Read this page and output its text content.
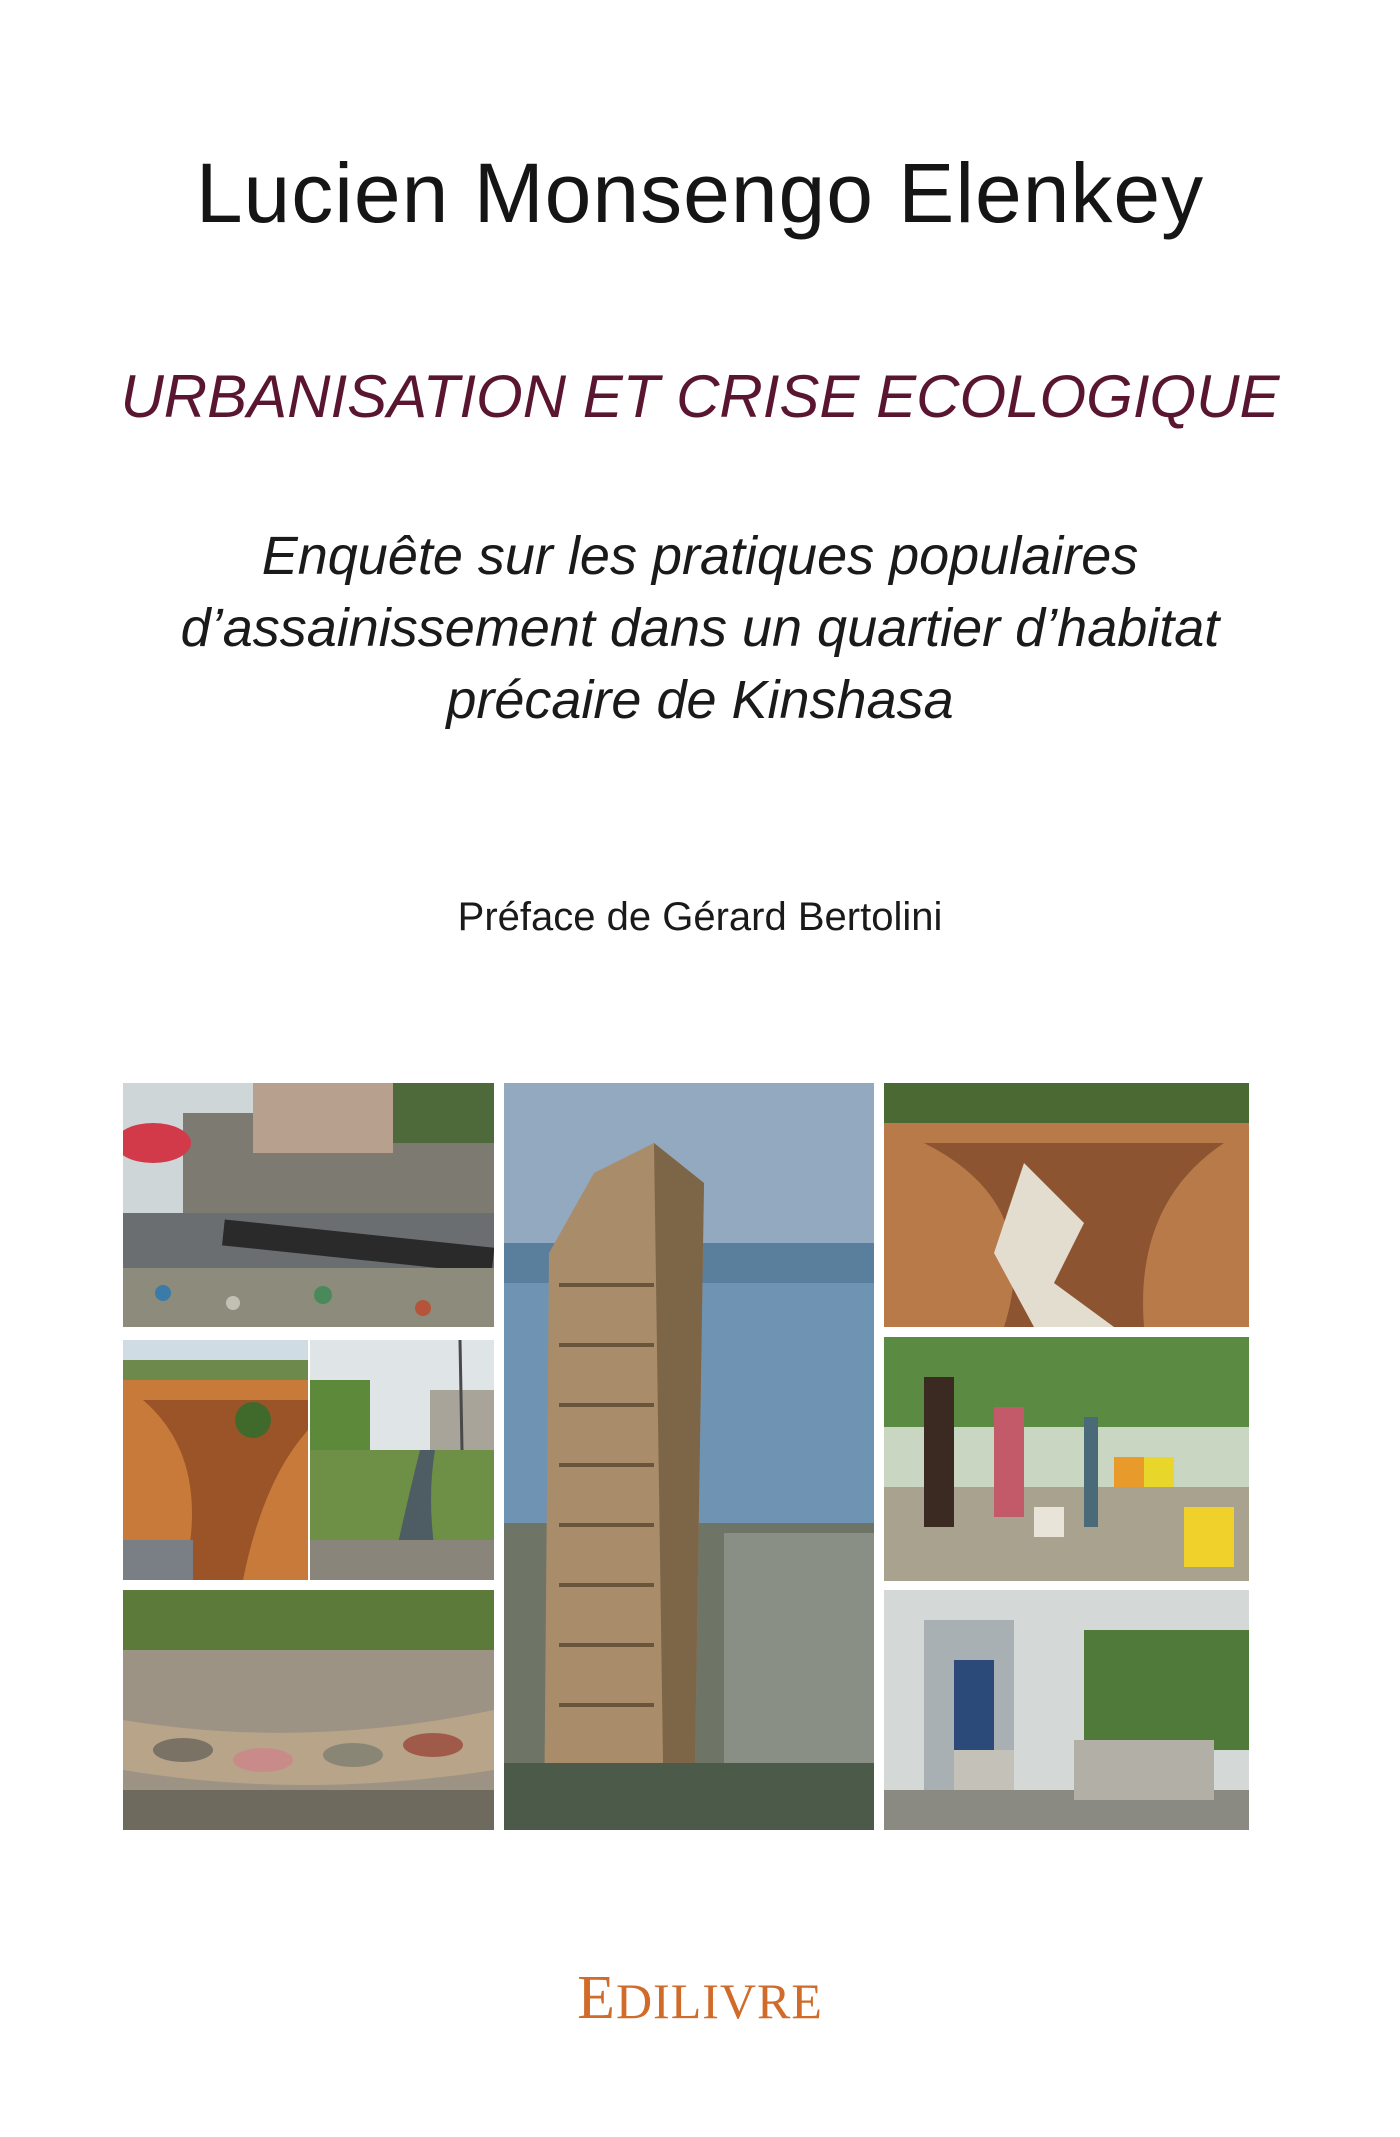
Lucien Monsengo Elenkey
URBANISATION ET CRISE ECOLOGIQUE
Enquête sur les pratiques populaires
d’assainissement dans un quartier d’habitat
précaire de Kinshasa
Préface de Gérard Bertolini
EDILIVRE
